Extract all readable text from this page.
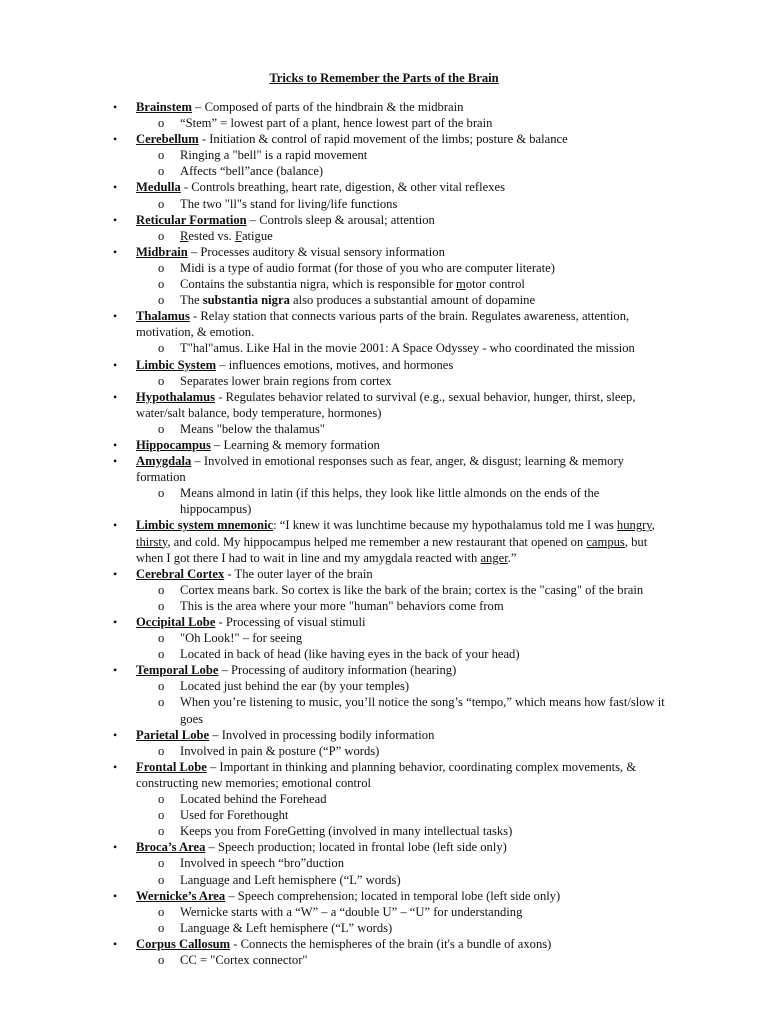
Tricks to Remember the Parts of the Brain

• Brainstem – Composed of parts of the hindbrain & the midbrain

o “Stem” = lowest part of a plant, hence lowest part of the brain

• Cerebellum - Initiation & control of rapid movement of the limbs; posture & balance

o Ringing a "bell" is a rapid movement

o Affects “bell”ance (balance)

• Medulla - Controls breathing, heart rate, digestion, & other vital reflexes

o The two "ll"s stand for living/life functions

• Reticular Formation – Controls sleep & arousal; attention

o Rested vs. Fatigue

• Midbrain – Processes auditory & visual sensory information

o Midi is a type of audio format (for those of you who are computer literate)

o Contains the substantia nigra, which is responsible for motor control

o The substantia nigra also produces a substantial amount of dopamine

• Thalamus - Relay station that connects various parts of the brain. Regulates awareness, attention, motivation, & emotion.

o T"hal"amus. Like Hal in the movie 2001: A Space Odyssey - who coordinated the mission

• Limbic System – influences emotions, motives, and hormones

o Separates lower brain regions from cortex

• Hypothalamus - Regulates behavior related to survival (e.g., sexual behavior, hunger, thirst, sleep, water/salt balance, body temperature, hormones)

o Means "below the thalamus"

• Hippocampus – Learning & memory formation

• Amygdala – Involved in emotional responses such as fear, anger, & disgust; learning & memory formation

o Means almond in latin (if this helps, they look like little almonds on the ends of the hippocampus)

• Limbic system mnemonic: “I knew it was lunchtime because my hypothalamus told me I was hungry, thirsty, and cold. My hippocampus helped me remember a new restaurant that opened on campus, but when I got there I had to wait in line and my amygdala reacted with anger.”

• Cerebral Cortex - The outer layer of the brain

o Cortex means bark. So cortex is like the bark of the brain; cortex is the "casing" of the brain

o This is the area where your more "human" behaviors come from

• Occipital Lobe - Processing of visual stimuli

o "Oh Look!" – for seeing

o Located in back of head (like having eyes in the back of your head)

• Temporal Lobe – Processing of auditory information (hearing)

o Located just behind the ear (by your temples)

o When you’re listening to music, you’ll notice the song’s “tempo,” which means how fast/slow it goes

• Parietal Lobe – Involved in processing bodily information

o Involved in pain & posture (“P” words)

• Frontal Lobe – Important in thinking and planning behavior, coordinating complex movements, & constructing new memories; emotional control

o Located behind the Forehead

o Used for Forethought

o Keeps you from ForeGetting (involved in many intellectual tasks)

• Broca’s Area – Speech production; located in frontal lobe (left side only)

o Involved in speech “bro”duction

o Language and Left hemisphere (“L” words)

• Wernicke’s Area – Speech comprehension; located in temporal lobe (left side only)

o Wernicke starts with a “W” – a “double U” – “U” for understanding

o Language & Left hemisphere (“L” words)

• Corpus Callosum - Connects the hemispheres of the brain (it's a bundle of axons)

o CC = "Cortex connector"
